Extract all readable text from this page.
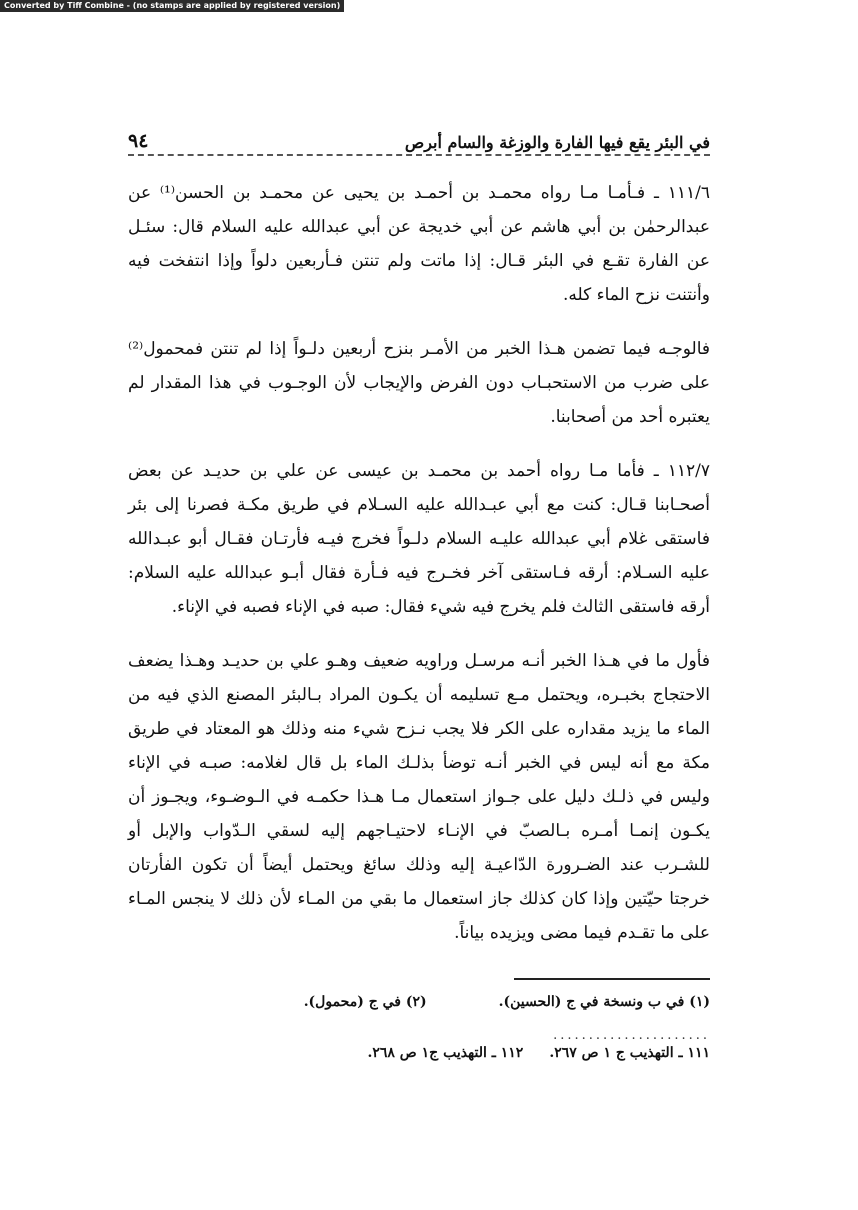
Converted by Tiff Combine - (no stamps are applied by registered version)
في البئر يقع فيها الفارة والوزغة والسام أبرص
٩٤

١١١/٦ ـ فـأمـا مـا رواه محمـد بن أحمـد بن يحيى عن محمـد بن الحسن⁽¹⁾ عن عبدالرحمٰن بن أبي هاشم عن أبي خديجة عن أبي عبدالله عليه السلام قال: سئـل عن الفارة تقـع في البئر قـال: إذا ماتت ولم تنتن فـأربعين دلواً وإذا انتفخت فيه وأنتنت نزح الماء كله.

فالوجـه فيما تضمن هـذا الخبر من الأمـر بنزح أربعين دلـواً إذا لم تنتن فمحمول⁽²⁾ على ضرب من الاستحبـاب دون الفرض والإيجاب لأن الوجـوب في هذا المقدار لم يعتبره أحد من أصحابنا.

١١٢/٧ ـ فأما مـا رواه أحمد بن محمـد بن عيسى عن علي بن حديـد عن بعض أصحـابنا قـال: كنت مع أبي عبـدالله عليه السـلام في طريق مكـة فصرنا إلى بئر فاستقى غلام أبي عبدالله عليـه السلام دلـواً فخرج فيـه فأرتـان فقـال أبو عبـدالله عليه السـلام: أرقه فـاستقى آخر فخـرج فيه فـأرة فقال أبـو عبدالله عليه السلام: أرقه فاستقى الثالث فلم يخرج فيه شيء فقال: صبه في الإناء فصبه في الإناء.

فأول ما في هـذا الخبر أنـه مرسـل وراويه ضعيف وهـو علي بن حديـد وهـذا يضعف الاحتجاج بخبـره، ويحتمل مـع تسليمه أن يكـون المراد بـالبئر المصنع الذي فيه من الماء ما يزيد مقداره على الكر فلا يجب نـزح شيء منه وذلك هو المعتاد في طريق مكة مع أنه ليس في الخبر أنـه توضأ بذلـك الماء بل قال لغلامه: صبـه في الإناء وليس في ذلـك دليل على جـواز استعمال مـا هـذا حكمـه في الـوضـوء، ويجـوز أن يكـون إنمـا أمـره بـالصبّ في الإنـاء لاحتيـاجهم إليه لسقي الـدّواب والإبل أو للشـرب عند الضـرورة الدّاعيـة إليه وذلك سائغ ويحتمل أيضاً أن تكون الفأرتان خرجتا حيّتين وإذا كان كذلك جاز استعمال ما بقي من المـاء لأن ذلك لا ينجس المـاء على ما تقـدم فيما مضى ويزيده بياناً.

(١) في ب ونسخة في ج (الحسين).
(٢) في ج (محمول).
......................
١١١ ـ التهذيب ج ١ ص ٢٦٧.
١١٢ ـ التهذيب ج١ ص ٢٦٨.
